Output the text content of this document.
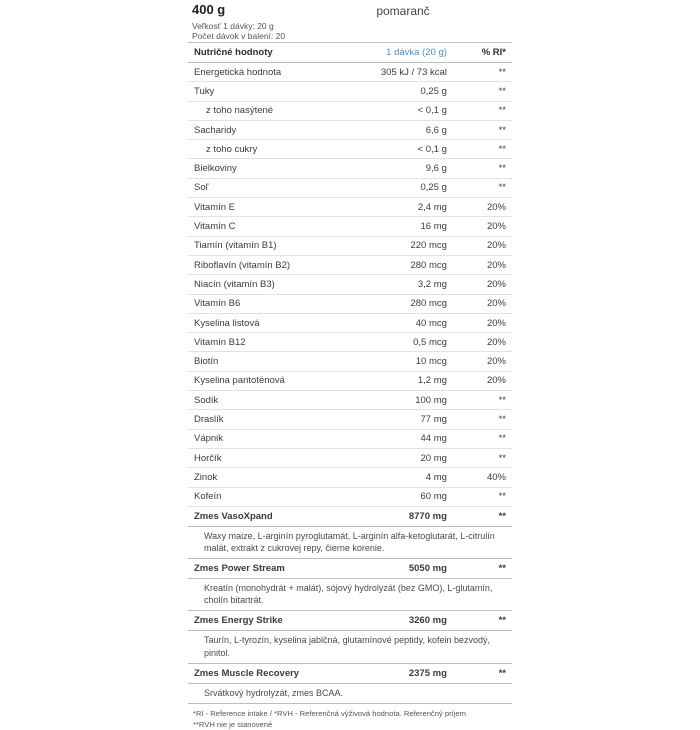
400 g	pomaranč
Veľkosť 1 dávky: 20 g
Počet dávok v balení: 20
Nutričné hodnoty	1 dávka (20 g)	% RI*
Energetická hodnota	305 kJ / 73 kcal	**
Tuky	0,25 g	**
z toho nasýtené	< 0,1 g	**
Sacharidy	6,6 g	**
z toho cukry	< 0,1 g	**
Bielkoviny	9,6 g	**
Soľ	0,25 g	**
Vitamín E	2,4 mg	20%
Vitamín C	16 mg	20%
Tiamín (vitamín B1)	220 mcg	20%
Riboflavín (vitamín B2)	280 mcg	20%
Niacín (vitamín B3)	3,2 mg	20%
Vitamín B6	280 mcg	20%
Kyselina listová	40 mcg	20%
Vitamín B12	0,5 mcg	20%
Biotín	10 mcg	20%
Kyselina pantoténová	1,2 mg	20%
Sodík	100 mg	**
Draslík	77 mg	**
Vápnik	44 mg	**
Horčík	20 mg	**
Zinok	4 mg	40%
Kofeín	60 mg	**
Zmes VasoXpand	8770 mg	**
Waxy maize, L-arginín pyroglutamát, L-arginín alfa-ketoglutarát, L-citrulín malát, extrakt z cukrovej repy, čierne korenie.		
Zmes Power Stream	5050 mg	**
Kreatín (monohydrát + malát), sójový hydrolyzát (bez GMO), L-glutamín, cholín bitartrát.		
Zmes Energy Strike	3260 mg	**
Taurín, L-tyrozín, kyselina jablčná, glutamínové peptidy, kofein bezvodý, pinitol.		
Zmes Muscle Recovery	2375 mg	**
Srvátkový hydrolyzát, zmes BCAA.		
*RI - Reference intake / *RVH - Referenčná výživová hodnota. Referenčný príjem
**RVH nie je stanovené
